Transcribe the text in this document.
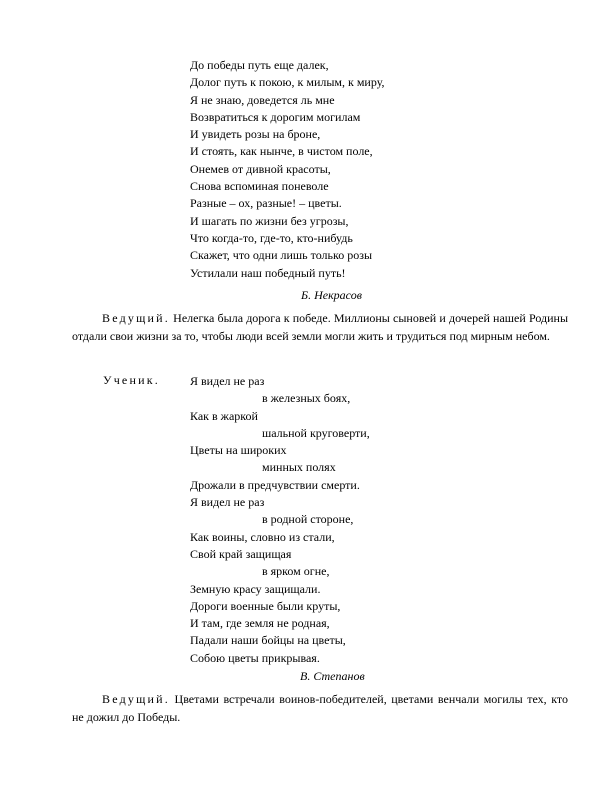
До победы путь еще далек,
Долог путь к покою, к милым, к миру,
Я не знаю, доведется ль мне
Возвратиться к дорогим могилам
И увидеть розы на броне,
И стоять, как нынче, в чистом поле,
Онемев от дивной красоты,
Снова вспоминая поневоле
Разные – ох, разные! – цветы.
И шагать по жизни без угрозы,
Что когда-то, где-то, кто-нибудь
Скажет, что одни лишь только розы
Устилали наш победный путь!
Б. Некрасов
Ведущий. Нелегка была дорога к победе. Миллионы сыновей и дочерей нашей Родины отдали свои жизни за то, чтобы люди всей земли могли жить и трудиться под мирным небом.
Ученик.	Я видел не раз
в железных боях,
Как в жаркой
шальной круговерти,
Цветы на широких
минных полях
Дрожали в предчувствии смерти.
Я видел не раз
в родной стороне,
Как воины, словно из стали,
Свой край защищая
в ярком огне,
Земную красу защищали.
Дороги военные были круты,
И там, где земля не родная,
Падали наши бойцы на цветы,
Собою цветы прикрывая.
В. Степанов
Ведущий. Цветами встречали воинов-победителей, цветами венчали могилы тех, кто не дожил до Победы.
